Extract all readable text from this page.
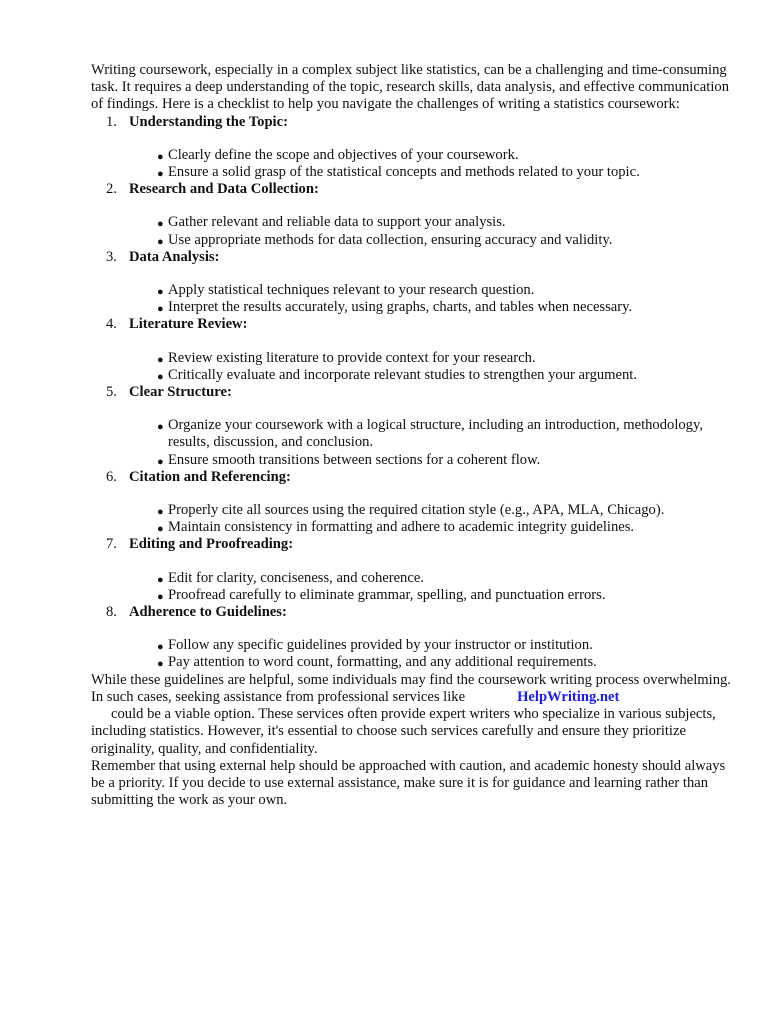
Writing coursework, especially in a complex subject like statistics, can be a challenging and time-consuming task. It requires a deep understanding of the topic, research skills, data analysis, and effective communication of findings. Here is a checklist to help you navigate the challenges of writing a statistics coursework:

1. Understanding the Topic:
● Clearly define the scope and objectives of your coursework.
● Ensure a solid grasp of the statistical concepts and methods related to your topic.
2. Research and Data Collection:
● Gather relevant and reliable data to support your analysis.
● Use appropriate methods for data collection, ensuring accuracy and validity.
3. Data Analysis:
● Apply statistical techniques relevant to your research question.
● Interpret the results accurately, using graphs, charts, and tables when necessary.
4. Literature Review:
● Review existing literature to provide context for your research.
● Critically evaluate and incorporate relevant studies to strengthen your argument.
5. Clear Structure:
● Organize your coursework with a logical structure, including an introduction, methodology, results, discussion, and conclusion.
● Ensure smooth transitions between sections for a coherent flow.
6. Citation and Referencing:
● Properly cite all sources using the required citation style (e.g., APA, MLA, Chicago).
● Maintain consistency in formatting and adhere to academic integrity guidelines.
7. Editing and Proofreading:
● Edit for clarity, conciseness, and coherence.
● Proofread carefully to eliminate grammar, spelling, and punctuation errors.
8. Adherence to Guidelines:
● Follow any specific guidelines provided by your instructor or institution.
● Pay attention to word count, formatting, and any additional requirements.

While these guidelines are helpful, some individuals may find the coursework writing process overwhelming. In such cases, seeking assistance from professional services like	HelpWriting.net
could be a viable option. These services often provide expert writers who specialize in various subjects, including statistics. However, it's essential to choose such services carefully and ensure they prioritize originality, quality, and confidentiality.

Remember that using external help should be approached with caution, and academic honesty should always be a priority. If you decide to use external assistance, make sure it is for guidance and learning rather than submitting the work as your own.
